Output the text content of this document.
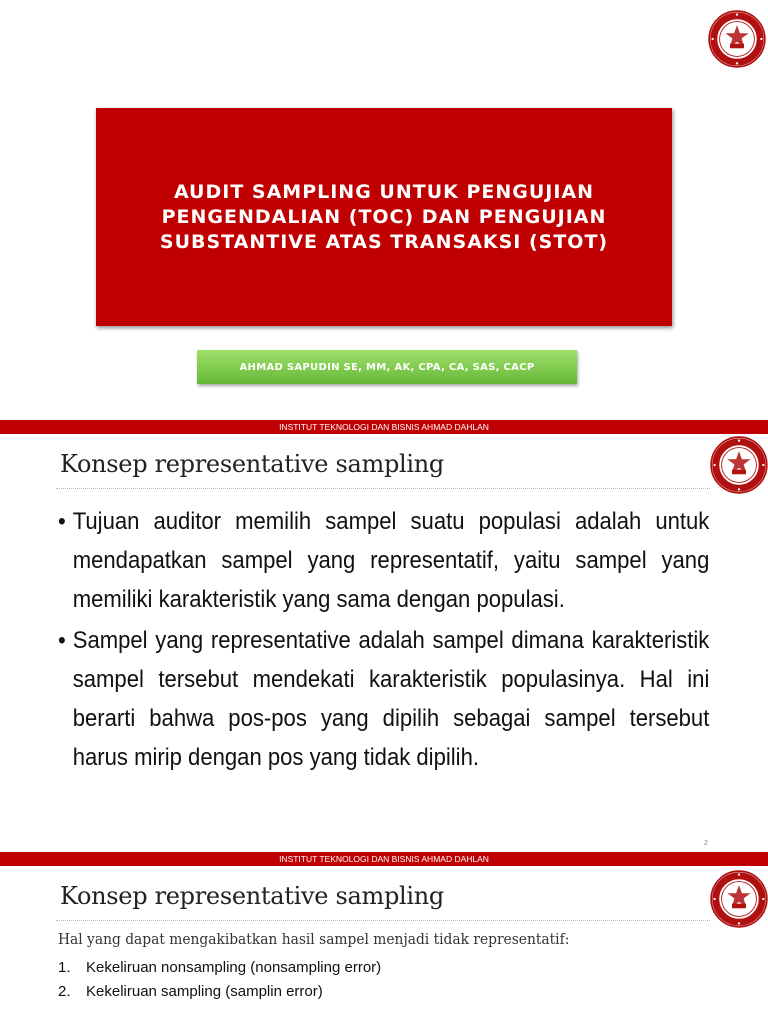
AUDIT SAMPLING UNTUK PENGUJIAN PENGENDALIAN (TOC) DAN PENGUJIAN SUBSTANTIVE ATAS TRANSAKSI (STOT)
AHMAD SAPUDIN SE, MM, AK, CPA, CA, SAS, CACP
INSTITUT TEKNOLOGI DAN BISNIS AHMAD DAHLAN
Konsep representative sampling
• Tujuan auditor memilih sampel suatu populasi adalah untuk mendapatkan sampel yang representatif, yaitu sampel yang memiliki karakteristik yang sama dengan populasi.
• Sampel yang representative adalah sampel dimana karakteristik sampel tersebut mendekati karakteristik populasinya. Hal ini berarti bahwa pos-pos yang dipilih sebagai sampel tersebut harus mirip dengan pos yang tidak dipilih.
2
INSTITUT TEKNOLOGI DAN BISNIS AHMAD DAHLAN
Konsep representative sampling
Hal yang dapat mengakibatkan hasil sampel menjadi tidak representatif:
1. Kekeliruan nonsampling (nonsampling error)
2. Kekeliruan sampling (samplin error)
